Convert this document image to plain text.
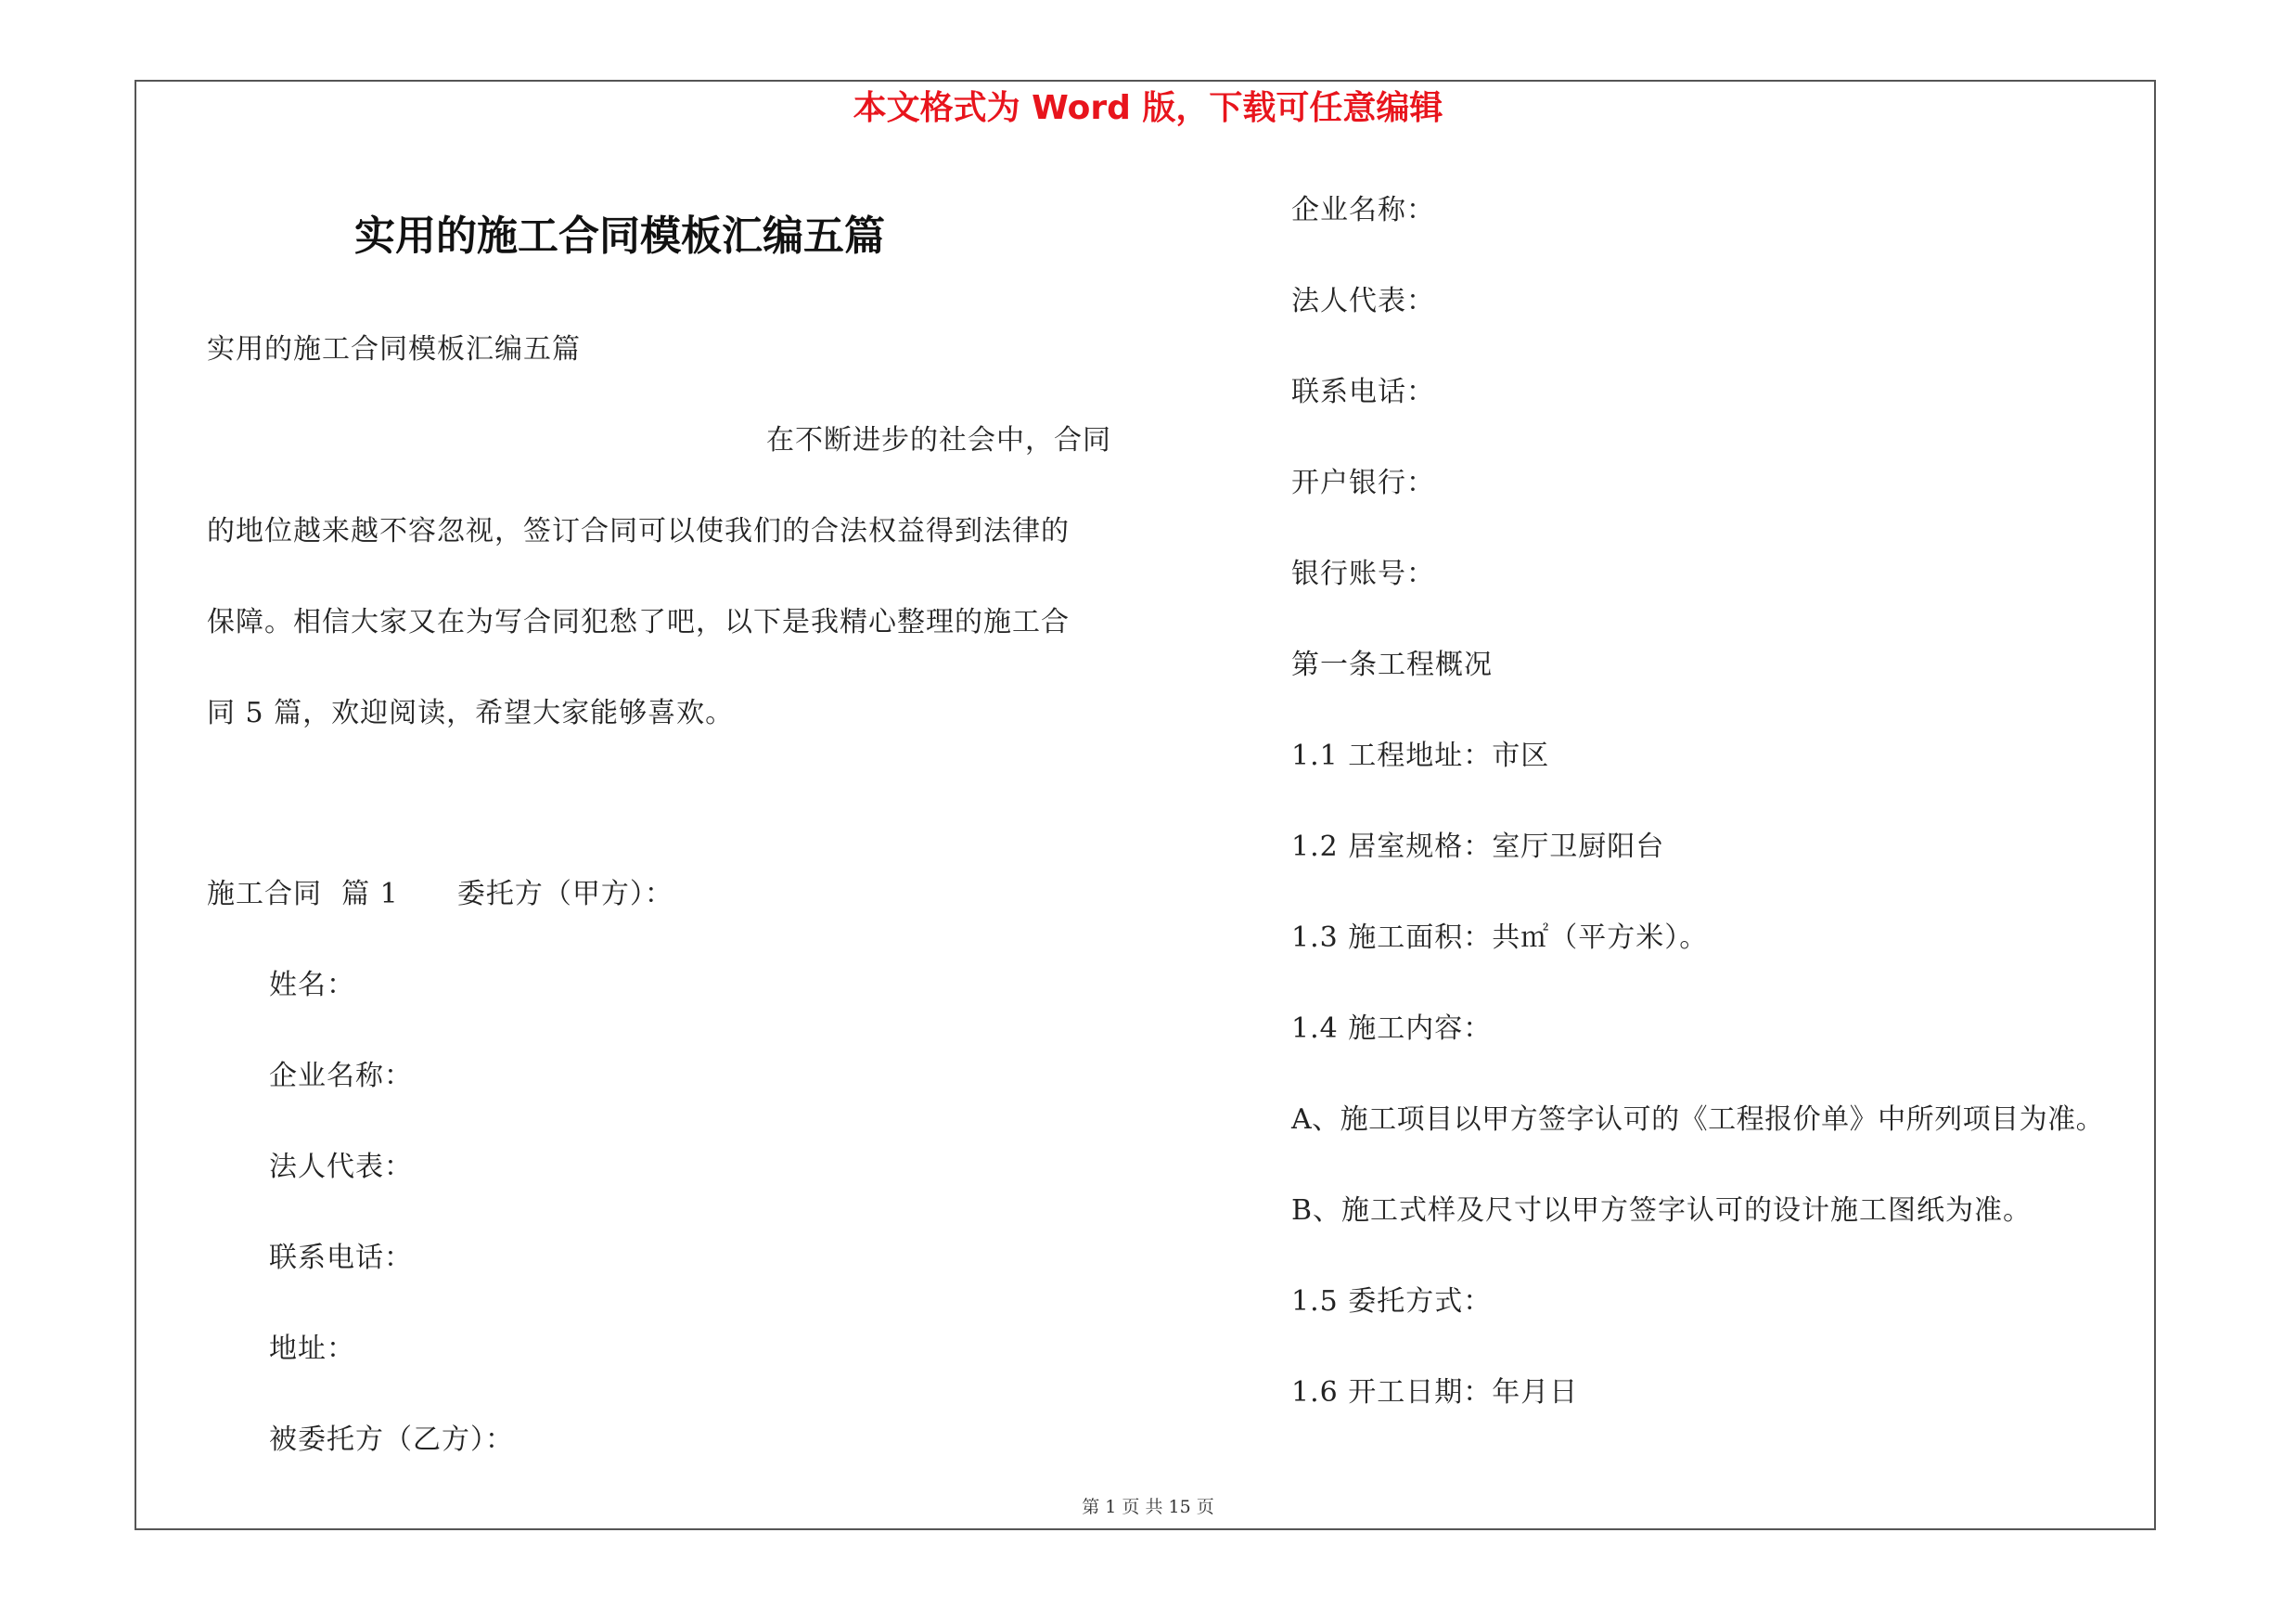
本文格式为 Word 版，下载可任意编辑
实用的施工合同模板汇编五篇
实用的施工合同模板汇编五篇
在不断进步的社会中，合同
的地位越来越不容忽视，签订合同可以使我们的合法权益得到法律的
保障。相信大家又在为写合同犯愁了吧，以下是我精心整理的施工合
同 5 篇，欢迎阅读，希望大家能够喜欢。
施工合同  篇 1      委托方（甲方）：
姓名：
企业名称：
法人代表：
联系电话：
地址：
被委托方（乙方）：
企业名称：
法人代表：
联系电话：
开户银行：
银行账号：
第一条工程概况
1.1 工程地址：市区
1.2 居室规格：室厅卫厨阳台
1.3 施工面积：共㎡（平方米）。
1.4 施工内容：
A、施工项目以甲方签字认可的《工程报价单》中所列项目为准。
B、施工式样及尺寸以甲方签字认可的设计施工图纸为准。
1.5 委托方式：
1.6 开工日期：年月日
第 1 页 共 15 页
